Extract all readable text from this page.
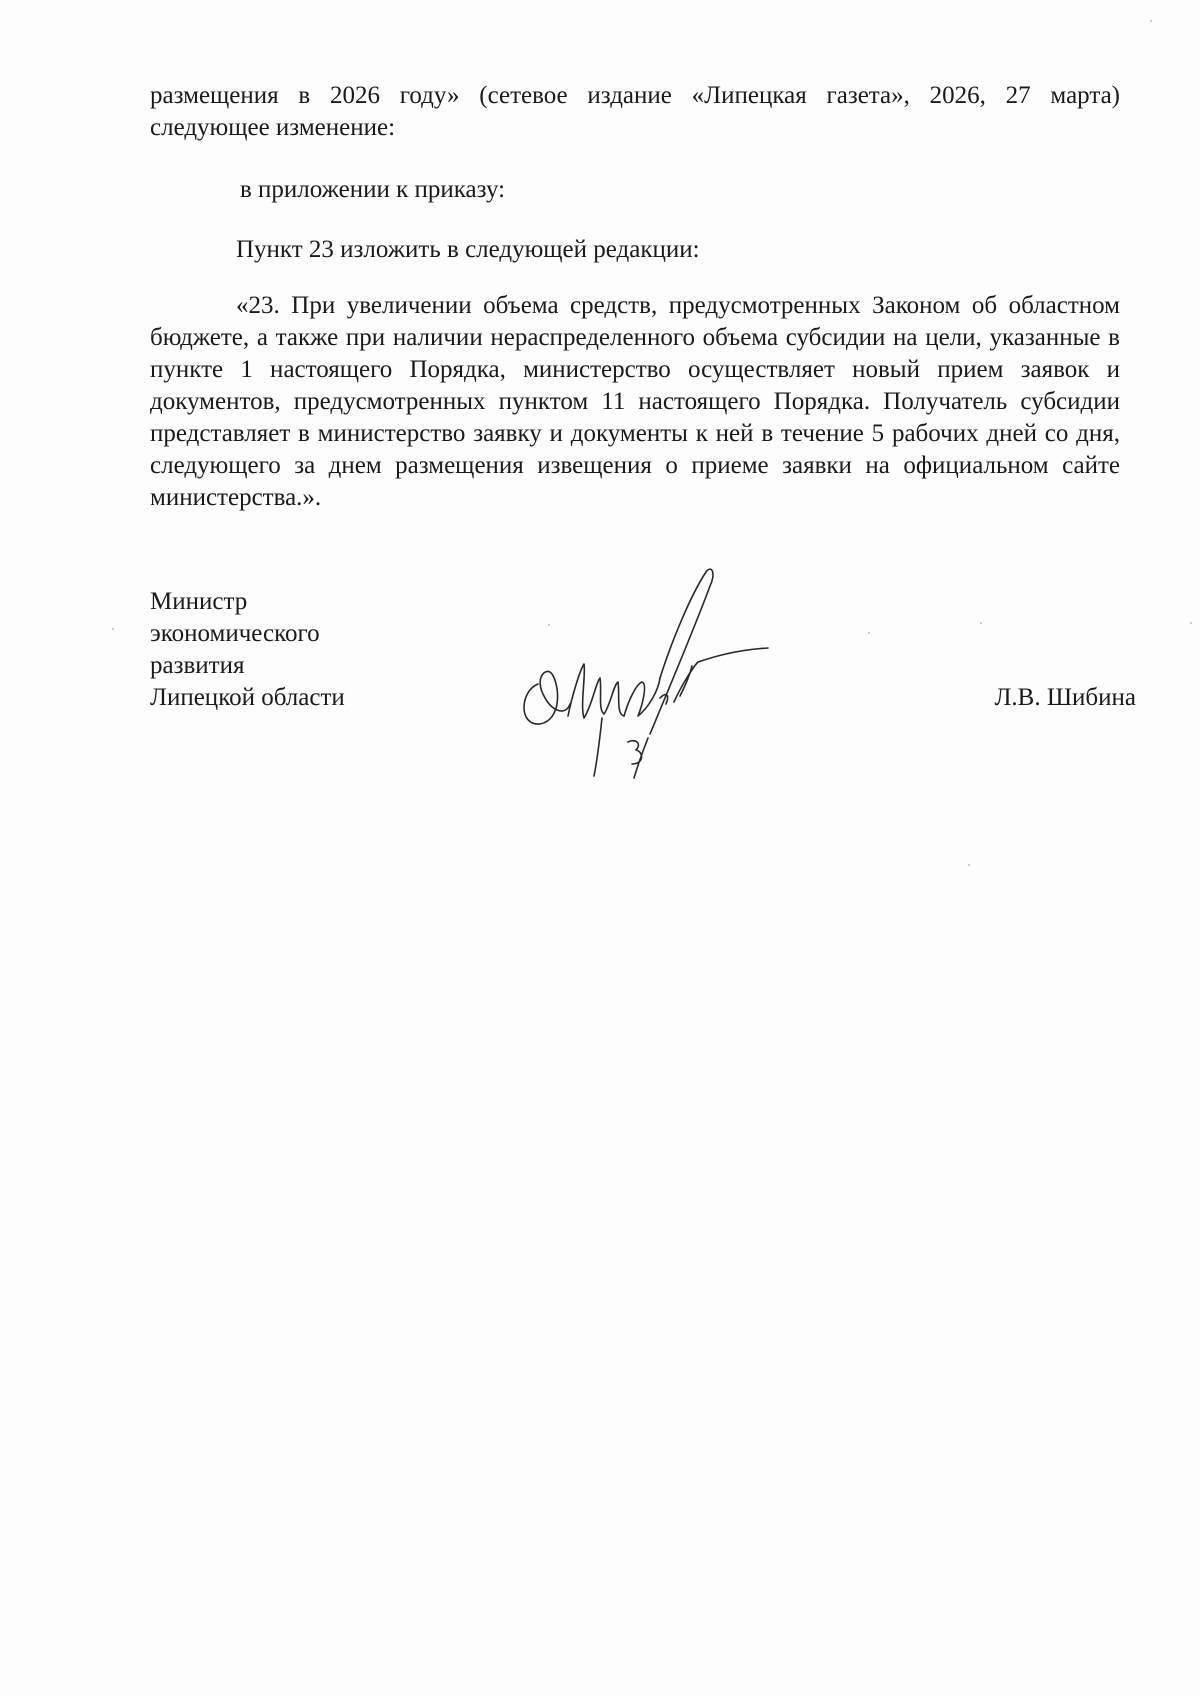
размещения в 2026 году» (сетевое издание «Липецкая газета», 2026, 27 марта)
следующее изменение:
в приложении к приказу:
Пункт 23 изложить в следующей редакции:
«23. При увеличении объема средств, предусмотренных Законом об областном бюджете, а также при наличии нераспределенного объема субсидии на цели, указанные в пункте 1 настоящего Порядка, министерство осуществляет новый прием заявок и документов, предусмотренных пунктом 11 настоящего Порядка. Получатель субсидии представляет в министерство заявку и документы к ней в течение 5 рабочих дней со дня, следующего за днем размещения извещения о приеме заявки на официальном сайте министерства.».
Министр
экономического
развития
Липецкой области	Л.В. Шибина
